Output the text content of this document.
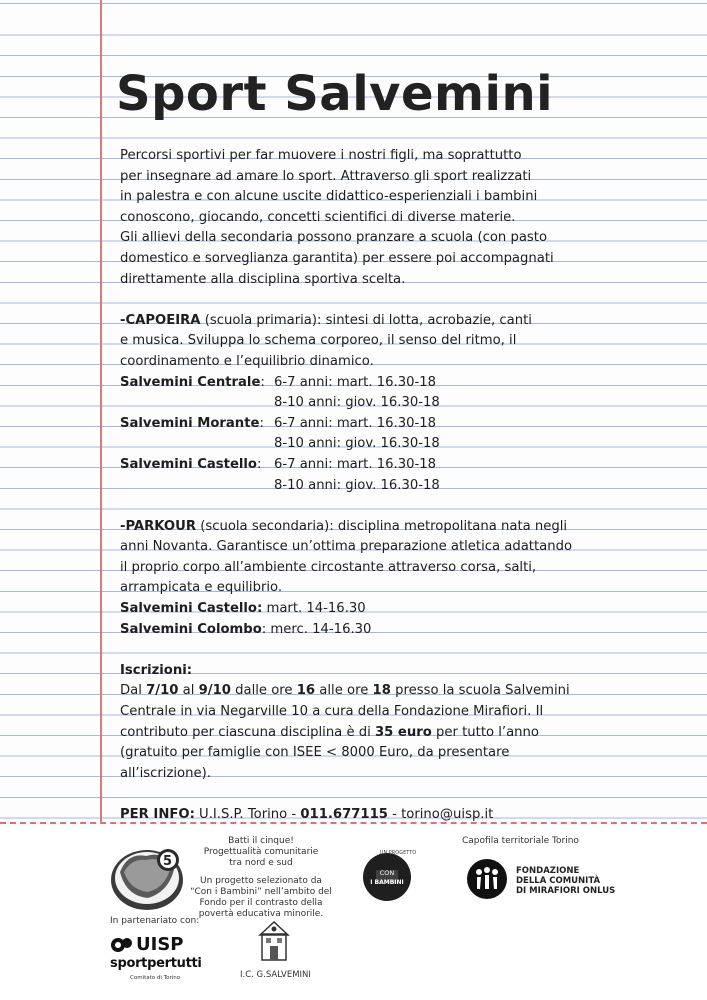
Sport Salvemini
Percorsi sportivi per far muovere i nostri figli, ma soprattutto
per insegnare ad amare lo sport. Attraverso gli sport realizzati
in palestra e con alcune uscite didattico-esperienziali i bambini
conoscono, giocando, concetti scientifici di diverse materie.
Gli allievi della secondaria possono pranzare a scuola (con pasto
domestico e sorveglianza garantita) per essere poi accompagnati
direttamente alla disciplina sportiva scelta.
-CAPOEIRA (scuola primaria): sintesi di lotta, acrobazie, canti
e musica. Sviluppa lo schema corporeo, il senso del ritmo, il
coordinamento e l’equilibrio dinamico.
Salvemini Centrale: 6-7 anni: mart. 16.30-18
8-10 anni: giov. 16.30-18
Salvemini Morante: 6-7 anni: mart. 16.30-18
8-10 anni: giov. 16.30-18
Salvemini Castello: 6-7 anni: mart. 16.30-18
8-10 anni: giov. 16.30-18
-PARKOUR (scuola secondaria): disciplina metropolitana nata negli
anni Novanta. Garantisce un’ottima preparazione atletica adattando
il proprio corpo all’ambiente circostante attraverso corsa, salti,
arrampicata e equilibrio.
Salvemini Castello: mart. 14-16.30
Salvemini Colombo: merc. 14-16.30
Iscrizioni:
Dal 7/10 al 9/10 dalle ore 16 alle ore 18 presso la scuola Salvemini
Centrale in via Negarville 10 a cura della Fondazione Mirafiori. Il
contributo per ciascuna disciplina è di 35 euro per tutto l’anno
(gratuito per famiglie con ISEE < 8000 Euro, da presentare
all’iscrizione).
PER INFO: U.I.S.P. Torino - 011.677115 - torino@uisp.it
5
Batti il cinque!
Progettualità comunitarie
tra nord e sud
Un progetto selezionato da
“Con i Bambini” nell’ambito del
Fondo per il contrasto della
povertà educativa minorile.
CON
I BAMBINI
UN PROGETTO
Capofila territoriale Torino
FONDAZIONE
DELLA COMUNITÀ
DI MIRAFIORI ONLUS
In partenariato con:
UISP
sportpertutti
Comitato di Torino	I.C. G.SALVEMINI
